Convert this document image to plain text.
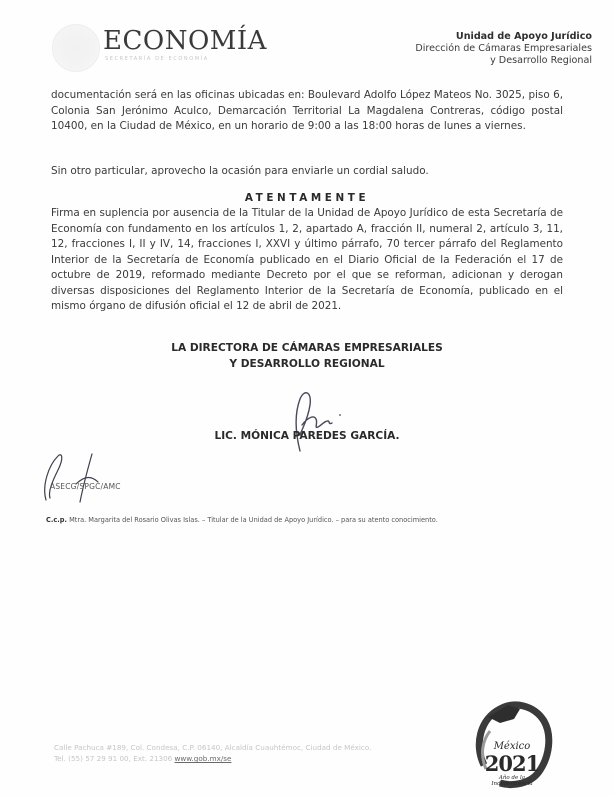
ECONOMÍA
SECRETARÍA DE ECONOMÍA
Unidad de Apoyo Jurídico
Dirección de Cámaras Empresariales
y Desarrollo Regional
documentación será en las oficinas ubicadas en: Boulevard Adolfo López Mateos No. 3025, piso 6, Colonia San Jerónimo Aculco, Demarcación Territorial La Magdalena Contreras, código postal 10400, en la Ciudad de México, en un horario de 9:00 a las 18:00 horas de lunes a viernes.
Sin otro particular, aprovecho la ocasión para enviarle un cordial saludo.
ATENTAMENTE
Firma en suplencia por ausencia de la Titular de la Unidad de Apoyo Jurídico de esta Secretaría de Economía con fundamento en los artículos 1, 2, apartado A, fracción II, numeral 2, artículo 3, 11, 12, fracciones I, II y IV, 14, fracciones I, XXVI y último párrafo, 70 tercer párrafo del Reglamento Interior de la Secretaría de Economía publicado en el Diario Oficial de la Federación el 17 de octubre de 2019, reformado mediante Decreto por el que se reforman, adicionan y derogan diversas disposiciones del Reglamento Interior de la Secretaría de Economía, publicado en el mismo órgano de difusión oficial el 12 de abril de 2021.
LA DIRECTORA DE CÁMARAS EMPRESARIALES
Y DESARROLLO REGIONAL
LIC. MÓNICA PAREDES GARCÍA.
ASECG/SPGC/AMC
C.c.p. Mtra. Margarita del Rosario Olivas Islas. – Titular de la Unidad de Apoyo Jurídico. – para su atento conocimiento.
Calle Pachuca #189, Col. Condesa, C.P. 06140, Alcaldía Cuauhtémoc, Ciudad de México.
Tel. (55) 57 29 91 00, Ext. 21306 www.gob.mx/se
México
2021
Año de la
Independencia
